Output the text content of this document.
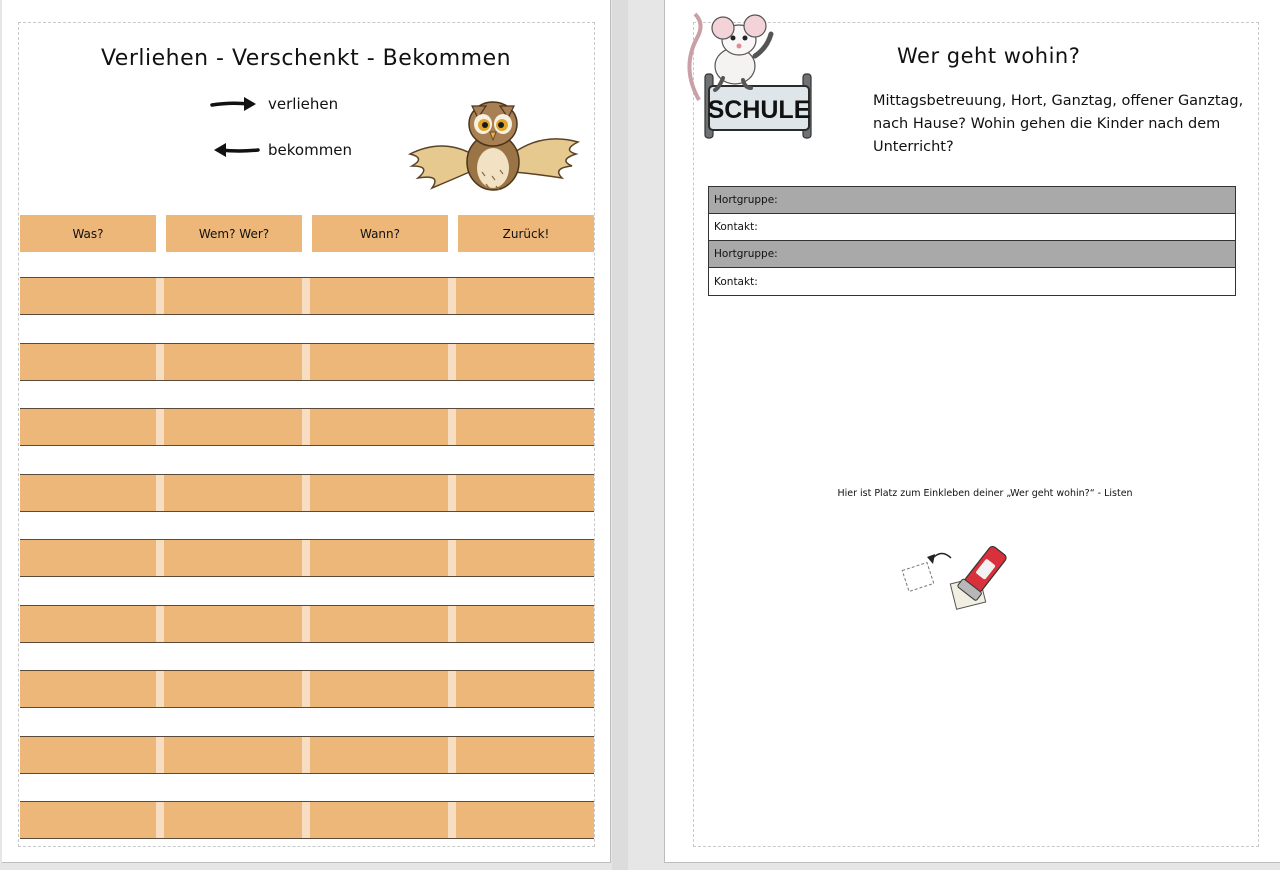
Verliehen - Verschenkt - Bekommen
verliehen
bekommen
Was?	Wem? Wer?	Wann?	Zurück!
SCHULE
Wer geht wohin?
Mittagsbetreuung, Hort, Ganztag, offener Ganztag, nach Hause? Wohin gehen die Kinder nach dem Unterricht?
Hortgruppe:
Kontakt:
Hortgruppe:
Kontakt:
Hier ist Platz zum Einkleben deiner „Wer geht wohin?“ - Listen
